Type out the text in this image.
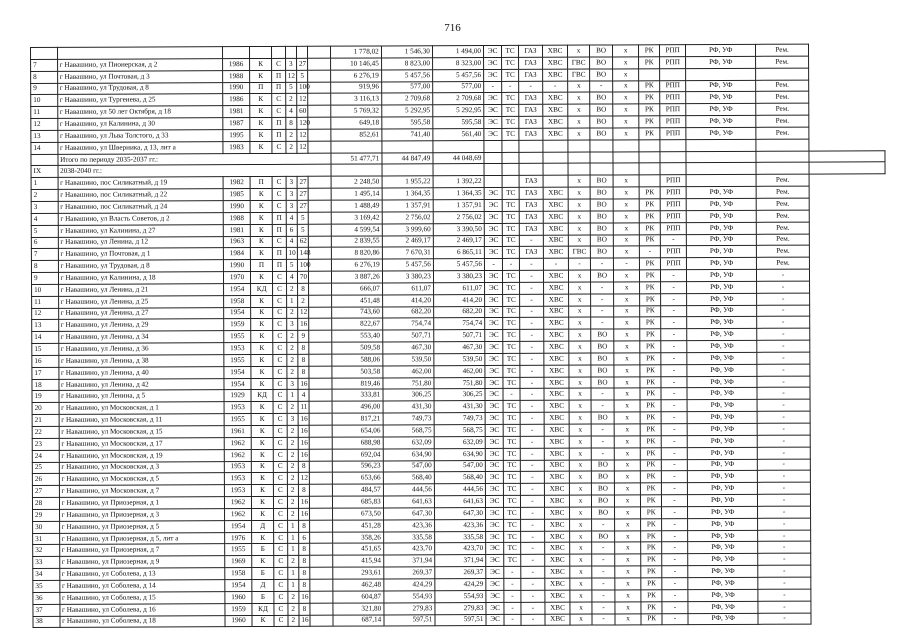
716
								1 778,02	1 546,30	1 494,00	ЭС	ТС	ГАЗ	ХВС	х	ВО	х	РК	РПП	РФ, УФ	Рем.	
7	г Навашино, ул Пионерская, д 2	1986	К	С	3	27		10 146,45	8 823,00	8 323,00	ЭС	ТС	ГАЗ	ХВС	ГВС	ВО	х	РК	РПП	РФ, УФ	Рем.	
8	г Навашино, ул Почтовая, д 3	1988	К	П	12	5		6 276,19	5 457,56	5 457,56	ЭС	ТС	ГАЗ	ХВС	ГВС	ВО	х					
9	г Навашино, ул Трудовая, д 8	1990	П	П	5	100		919,96	577,00	577,00	-	-	-	-	х	-	х	РК	РПП	РФ, УФ	Рем.	
10	г Навашино, ул Тургенева, д 25	1986	К	С	2	12		3 116,13	2 709,68	2 709,68	ЭС	ТС	ГАЗ	ХВС	х	ВО	х	РК	РПП	РФ, УФ	Рем.	
11	г Навашино, ул 50 лет Октября, д 18	1981	К	С	4	60		5 769,32	5 292,95	5 292,95	ЭС	ТС	ГАЗ	ХВС	х	ВО	х	РК	РПП	РФ, УФ	Рем.	
12	г Навашино, ул Калинина, д 30	1987	К	П	8	120		649,18	595,58	595,58	ЭС	ТС	ГАЗ	ХВС	х	ВО	х	РК	РПП	РФ, УФ	Рем.	
13	г Навашино, ул Льва Толстого, д 33	1995	К	П	2	12		852,61	741,40	561,40	ЭС	ТС	ГАЗ	ХВС	х	ВО	х	РК	РПП	РФ, УФ	Рем.	
14	г Навашино, ул Шверника, д 13, лит а	1983	К	С	2	12																
	Итого по периоду 2035-2037 гг.:							51 477,71	44 847,49	44 048,69												
IX	2038-2040 гг.:																					
1	г Навашино, пос Силикатный, д 19	1982	П	С	3	27		2 248,50	1 955,22	1 392,22			ГАЗ		х	ВО	х		РПП		Рем.	
2	г Навашино, пос Силикатный, д 22	1985	К	С	3	27		1 495,14	1 364,35	1 364,35	ЭС	ТС	ГАЗ	ХВС	х	ВО	х	РК	РПП	РФ, УФ	Рем.	
3	г Навашино, пос Силикатный, д 24	1990	К	С	3	27		1 488,49	1 357,91	1 357,91	ЭС	ТС	ГАЗ	ХВС	х	ВО	х	РК	РПП	РФ, УФ	Рем.	
4	г Навашино, ул Власть Советов, д 2	1988	К	П	4	5		3 169,42	2 756,02	2 756,02	ЭС	ТС	ГАЗ	ХВС	х	ВО	х	РК	РПП	РФ, УФ	Рем.	
5	г Навашино, ул Калинина, д 27	1981	К	П	6	5		4 599,54	3 999,60	3 390,50	ЭС	ТС	ГАЗ	ХВС	х	ВО	х	РК	РПП	РФ, УФ	Рем.	
6	г Навашино, ул Ленина, д 12	1963	К	С	4	62		2 839,55	2 469,17	2 469,17	ЭС	ТС	-	ХВС	х	ВО	х	РК	-	РФ, УФ	Рем.	
7	г Навашино, ул Почтовая, д 1	1984	К	П	10	148		8 820,86	7 670,31	6 865,11	ЭС	ТС	ГАЗ	ХВС	ГВС	ВО	х	-	РПП	РФ, УФ	Рем.	
8	г Навашино, ул Трудовая, д 8	1990	П	П	5	100		6 276,19	5 457,56	5 457,56	-	-	-	-	-	-	-	РК	РПП	РФ, УФ	Рем.	
9	г Навашино, ул Калинина, д 18	1970	К	С	4	70		3 887,26	3 380,23	3 380,23	ЭС	ТС	-	ХВС	х	ВО	х	РК	-	РФ, УФ	-	
10	г Навашино, ул Ленина, д 21	1954	КД	С	2	8		666,07	611,07	611,07	ЭС	ТС	-	ХВС	х	-	х	РК	-	РФ, УФ	-	
11	г Навашино, ул Ленина, д 25	1958	К	С	1	2		451,48	414,20	414,20	ЭС	ТС	-	ХВС	х	-	х	РК	-	РФ, УФ	-	
12	г Навашино, ул Ленина, д 27	1954	К	С	2	12		743,60	682,20	682,20	ЭС	ТС	-	ХВС	х	-	х	РК	-	РФ, УФ	-	
13	г Навашино, ул Ленина, д 29	1959	К	С	3	16		822,67	754,74	754,74	ЭС	ТС	-	ХВС	х	-	х	РК	-	РФ, УФ	-	
14	г Навашино, ул Ленина, д 34	1955	К	С	2	9		553,40	507,71	507,71	ЭС	ТС	-	ХВС	х	ВО	х	РК	-	РФ, УФ	-	
15	г Навашино, ул Ленина, д 36	1953	К	С	2	8		509,58	467,30	467,30	ЭС	ТС	-	ХВС	х	ВО	х	РК	-	РФ, УФ	-	
16	г Навашино, ул Ленина, д 38	1955	К	С	2	8		588,06	539,50	539,50	ЭС	ТС	-	ХВС	х	ВО	х	РК	-	РФ, УФ	-	
17	г Навашино, ул Ленина, д 40	1954	К	С	2	8		503,58	462,00	462,00	ЭС	ТС	-	ХВС	х	ВО	х	РК	-	РФ, УФ	-	
18	г Навашино, ул Ленина, д 42	1954	К	С	3	16		819,46	751,80	751,80	ЭС	ТС	-	ХВС	х	ВО	х	РК	-	РФ, УФ	-	
19	г Навашино, ул Ленина, д 5	1929	КД	С	1	4		333,81	306,25	306,25	ЭС	-	-	ХВС	х	-	х	РК	-	РФ, УФ	-	
20	г Навашино, ул Московская, д 1	1953	К	С	2	11		496,00	431,30	431,30	ЭС	ТС	-	ХВС	х	-	х	РК	-	РФ, УФ	-	
21	г Навашино, ул Московская, д 11	1955	К	С	3	16		817,21	749,73	749,73	ЭС	ТС	-	ХВС	х	ВО	х	РК	-	РФ, УФ	-	
22	г Навашино, ул Московская, д 15	1961	К	С	2	16		654,06	568,75	568,75	ЭС	ТС	-	ХВС	х	-	х	РК	-	РФ, УФ	-	
23	г Навашино, ул Московская, д 17	1962	К	С	2	16		688,98	632,09	632,09	ЭС	ТС	-	ХВС	х	-	х	РК	-	РФ, УФ	-	
24	г Навашино, ул Московская, д 19	1962	К	С	2	16		692,04	634,90	634,90	ЭС	ТС	-	ХВС	х	-	х	РК	-	РФ, УФ	-	
25	г Навашино, ул Московская, д 3	1953	К	С	2	8		596,23	547,00	547,00	ЭС	ТС	-	ХВС	х	ВО	х	РК	-	РФ, УФ	-	
26	г Навашино, ул Московская, д 5	1953	К	С	2	12		653,66	568,40	568,40	ЭС	ТС	-	ХВС	х	ВО	х	РК	-	РФ, УФ	-	
27	г Навашино, ул Московская, д 7	1953	К	С	2	8		484,57	444,56	444,56	ЭС	ТС	-	ХВС	х	ВО	х	РК	-	РФ, УФ	-	
28	г Навашино, ул Приозерная, д 1	1962	К	С	2	16		685,83	641,63	641,63	ЭС	ТС	-	ХВС	х	ВО	х	РК	-	РФ, УФ	-	
29	г Навашино, ул Приозерная, д 3	1962	К	С	2	16		673,50	647,30	647,30	ЭС	ТС	-	ХВС	х	ВО	х	РК	-	РФ, УФ	-	
30	г Навашино, ул Приозерная, д 5	1954	Д	С	1	8		451,28	423,36	423,36	ЭС	ТС	-	ХВС	х	-	х	РК	-	РФ, УФ	-	
31	г Навашино, ул Приозерная, д 5, лит а	1976	К	С	1	6		358,26	335,58	335,58	ЭС	ТС	-	ХВС	х	ВО	х	РК	-	РФ, УФ	-	
32	г Навашино, ул Приозерная, д 7	1955	Б	С	1	8		451,65	423,70	423,70	ЭС	ТС	-	ХВС	х	-	х	РК	-	РФ, УФ	-	
33	г Навашино, ул Приозерная, д 9	1969	К	С	2	8		415,94	371,94	371,94	ЭС	ТС	-	ХВС	х	-	х	РК	-	РФ, УФ	-	
34	г Навашино, ул Соболева, д 13	1958	Б	С	1	8		293,61	269,37	269,37	ЭС	-	-	ХВС	х	-	х	РК	-	РФ, УФ	-	
35	г Навашино, ул Соболева, д 14	1954	Д	С	1	8		462,48	424,29	424,29	ЭС	-	-	ХВС	х	-	х	РК	-	РФ, УФ	-	
36	г Навашино, ул Соболева, д 15	1960	Б	С	2	16		604,87	554,93	554,93	ЭС	-	-	ХВС	х	-	х	РК	-	РФ, УФ	-	
37	г Навашино, ул Соболева, д 16	1959	КД	С	2	8		321,80	279,83	279,83	ЭС	-	-	ХВС	х	-	х	РК	-	РФ, УФ	-	
38	г Навашино, ул Соболева, д 18	1960	К	С	2	16		687,14	597,51	597,51	ЭС	-	-	ХВС	х	-	х	РК	-	РФ, УФ	-	
